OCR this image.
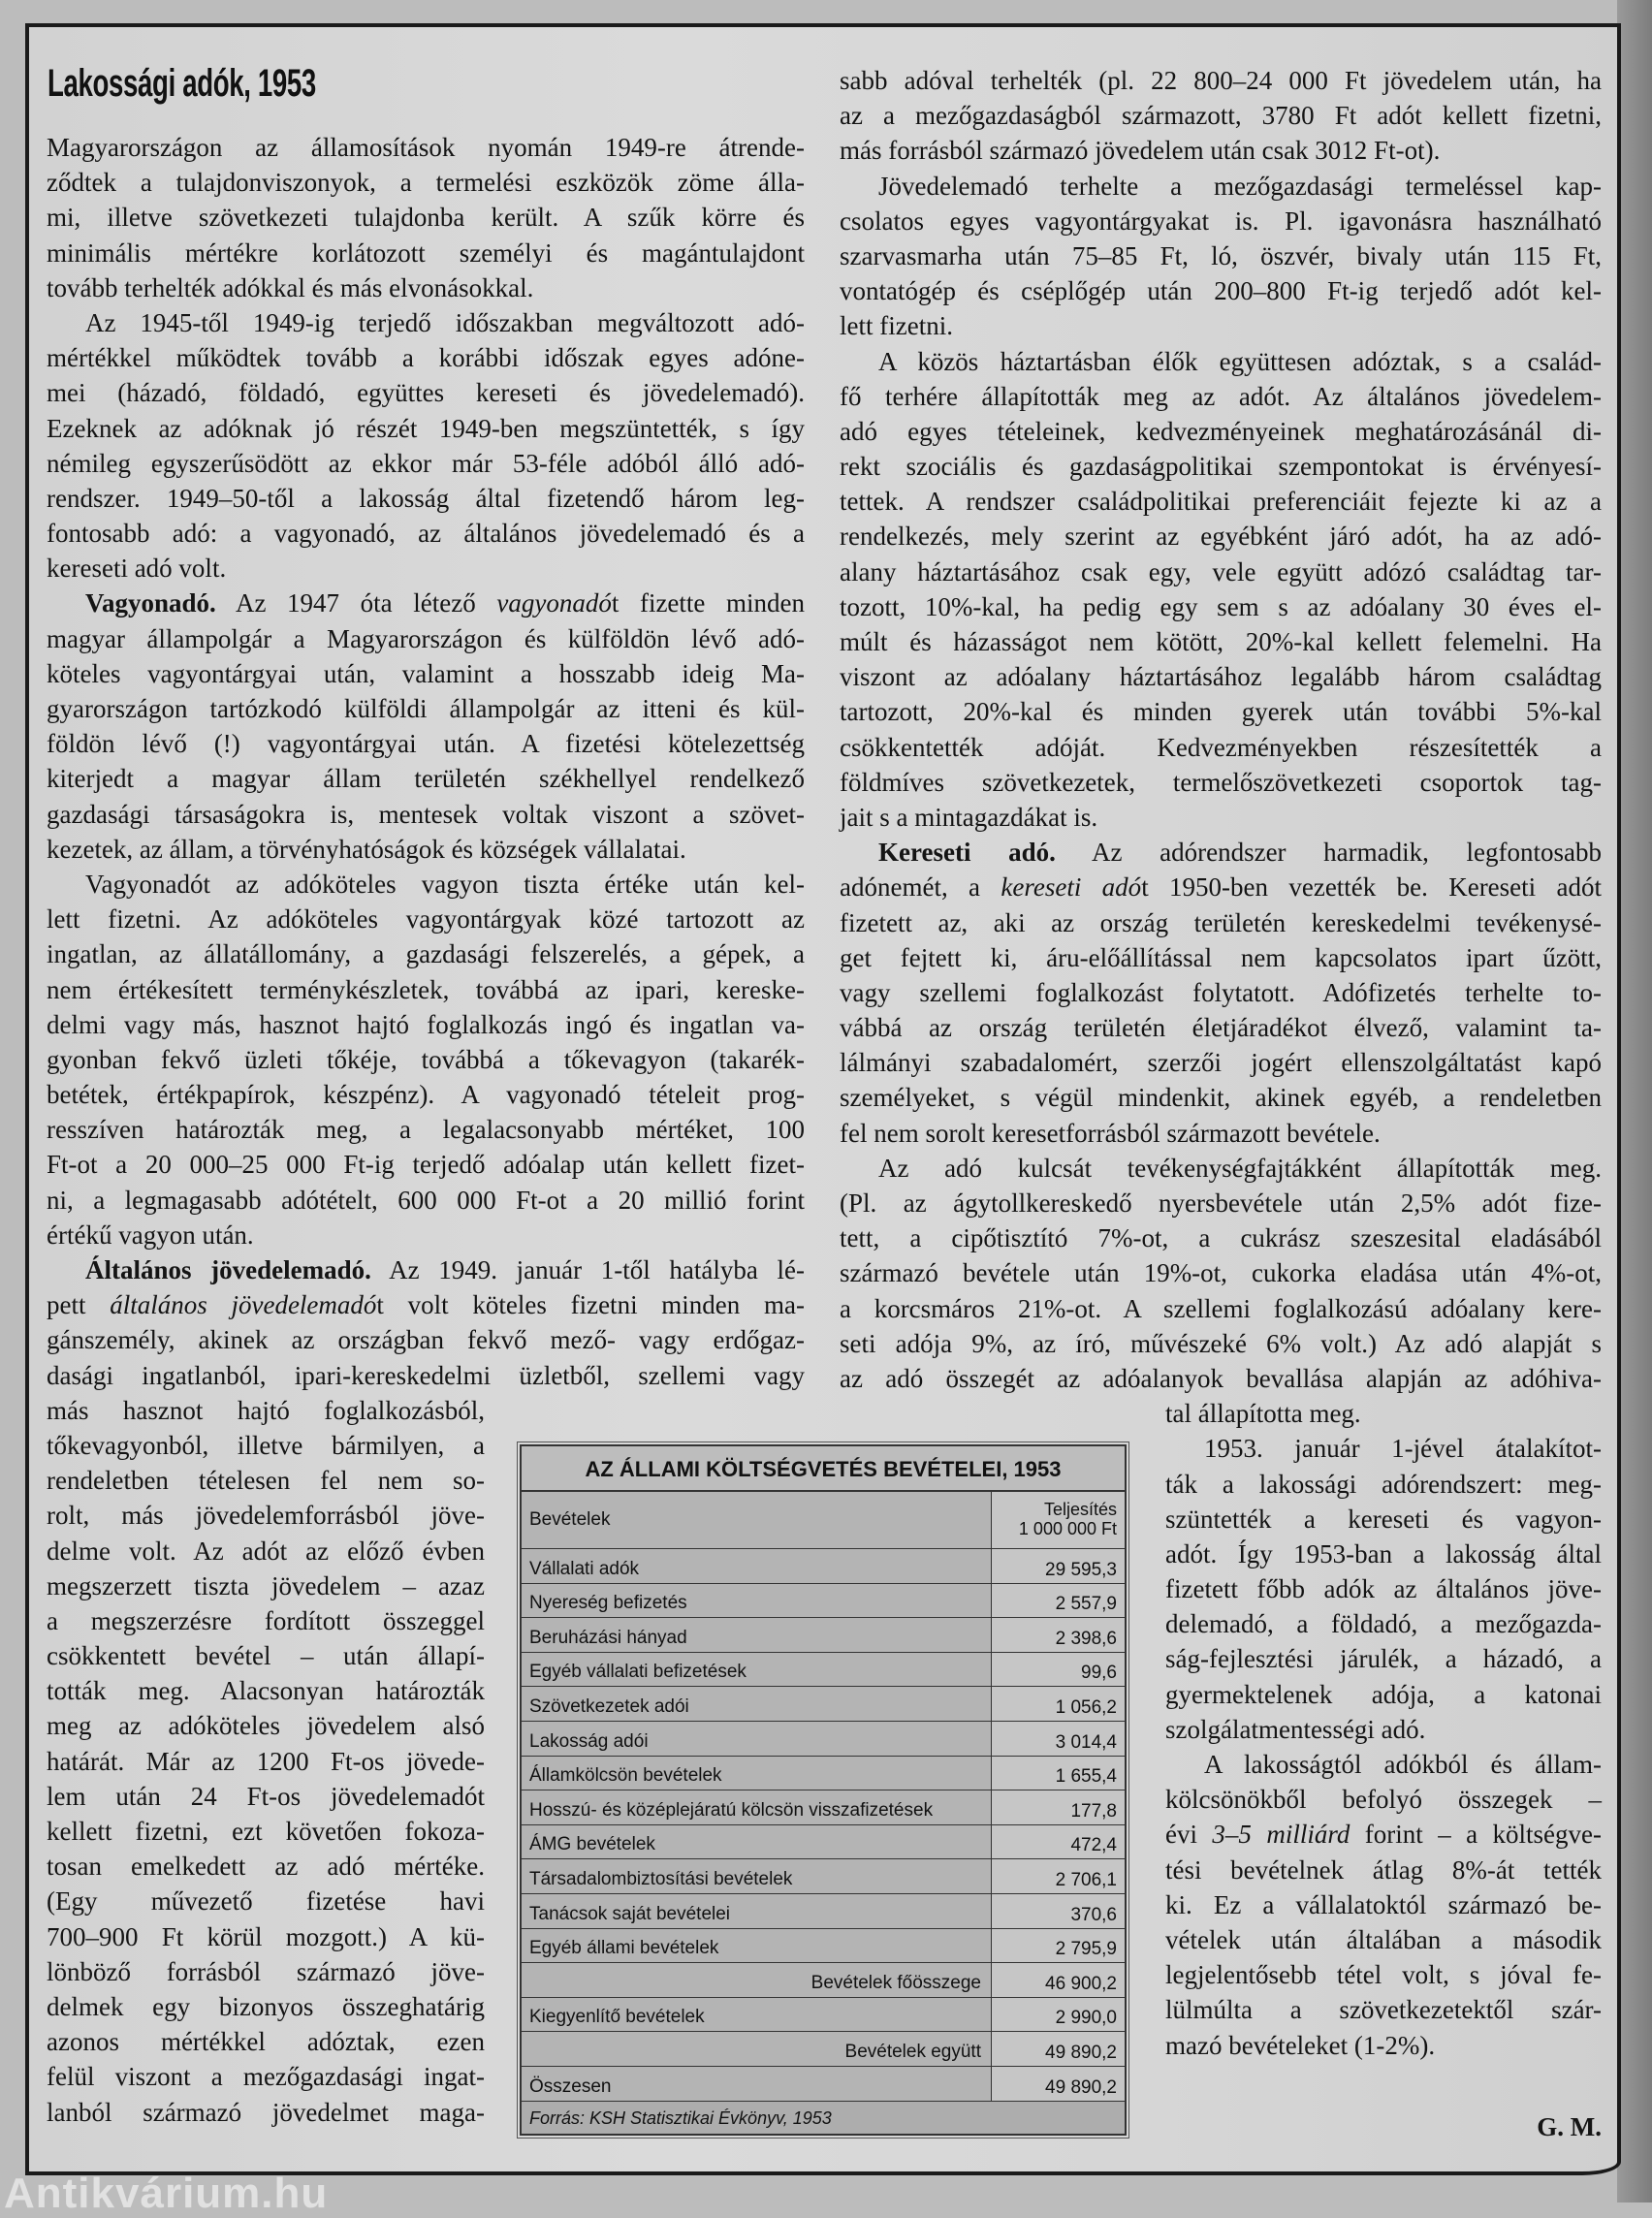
Lakossági adók, 1953
Magyarországon az államosítások nyomán 1949-re átrende-
ződtek a tulajdonviszonyok, a termelési eszközök zöme álla-
mi, illetve szövetkezeti tulajdonba került. A szűk körre és
minimális mértékre korlátozott személyi és magántulajdont
tovább terhelték adókkal és más elvonásokkal.
Az 1945-től 1949-ig terjedő időszakban megváltozott adó-
mértékkel működtek tovább a korábbi időszak egyes adóne-
mei (házadó, földadó, együttes kereseti és jövedelemadó).
Ezeknek az adóknak jó részét 1949-ben megszüntették, s így
némileg egyszerűsödött az ekkor már 53-féle adóból álló adó-
rendszer. 1949–50-től a lakosság által fizetendő három leg-
fontosabb adó: a vagyonadó, az általános jövedelemadó és a
kereseti adó volt.
Vagyonadó. Az 1947 óta létező vagyonadót fizette minden
magyar állampolgár a Magyarországon és külföldön lévő adó-
köteles vagyontárgyai után, valamint a hosszabb ideig Ma-
gyarországon tartózkodó külföldi állampolgár az itteni és kül-
földön lévő (!) vagyontárgyai után. A fizetési kötelezettség
kiterjedt a magyar állam területén székhellyel rendelkező
gazdasági társaságokra is, mentesek voltak viszont a szövet-
kezetek, az állam, a törvényhatóságok és községek vállalatai.
Vagyonadót az adóköteles vagyon tiszta értéke után kel-
lett fizetni. Az adóköteles vagyontárgyak közé tartozott az
ingatlan, az állatállomány, a gazdasági felszerelés, a gépek, a
nem értékesített terménykészletek, továbbá az ipari, kereske-
delmi vagy más, hasznot hajtó foglalkozás ingó és ingatlan va-
gyonban fekvő üzleti tőkéje, továbbá a tőkevagyon (takarék-
betétek, értékpapírok, készpénz). A vagyonadó tételeit prog-
resszíven határozták meg, a legalacsonyabb mértéket, 100
Ft-ot a 20 000–25 000 Ft-ig terjedő adóalap után kellett fizet-
ni, a legmagasabb adótételt, 600 000 Ft-ot a 20 millió forint
értékű vagyon után.
Általános jövedelemadó. Az 1949. január 1-től hatályba lé-
pett általános jövedelemadót volt köteles fizetni minden ma-
gánszemély, akinek az országban fekvő mező- vagy erdőgaz-
dasági ingatlanból, ipari-kereskedelmi üzletből, szellemi vagy
más hasznot hajtó foglalkozásból,
tőkevagyonból, illetve bármilyen, a
rendeletben tételesen fel nem so-
rolt, más jövedelemforrásból jöve-
delme volt. Az adót az előző évben
megszerzett tiszta jövedelem – azaz
a megszerzésre fordított összeggel
csökkentett bevétel – után állapí-
tották meg. Alacsonyan határozták
meg az adóköteles jövedelem alsó
határát. Már az 1200 Ft-os jövede-
lem után 24 Ft-os jövedelemadót
kellett fizetni, ezt követően fokoza-
tosan emelkedett az adó mértéke.
(Egy művezető fizetése havi
700–900 Ft körül mozgott.) A kü-
lönböző forrásból származó jöve-
delmek egy bizonyos összeghatárig
azonos mértékkel adóztak, ezen
felül viszont a mezőgazdasági ingat-
lanból származó jövedelmet maga-
sabb adóval terhelték (pl. 22 800–24 000 Ft jövedelem után, ha
az a mezőgazdaságból származott, 3780 Ft adót kellett fizetni,
más forrásból származó jövedelem után csak 3012 Ft-ot).
Jövedelemadó terhelte a mezőgazdasági termeléssel kap-
csolatos egyes vagyontárgyakat is. Pl. igavonásra használható
szarvasmarha után 75–85 Ft, ló, öszvér, bivaly után 115 Ft,
vontatógép és cséplőgép után 200–800 Ft-ig terjedő adót kel-
lett fizetni.
A közös háztartásban élők együttesen adóztak, s a család-
fő terhére állapították meg az adót. Az általános jövedelem-
adó egyes tételeinek, kedvezményeinek meghatározásánál di-
rekt szociális és gazdaságpolitikai szempontokat is érvényesí-
tettek. A rendszer családpolitikai preferenciáit fejezte ki az a
rendelkezés, mely szerint az egyébként járó adót, ha az adó-
alany háztartásához csak egy, vele együtt adózó családtag tar-
tozott, 10%-kal, ha pedig egy sem s az adóalany 30 éves el-
múlt és házasságot nem kötött, 20%-kal kellett felemelni. Ha
viszont az adóalany háztartásához legalább három családtag
tartozott, 20%-kal és minden gyerek után további 5%-kal
csökkentették adóját. Kedvezményekben részesítették a
földmíves szövetkezetek, termelőszövetkezeti csoportok tag-
jait s a mintagazdákat is.
Kereseti adó. Az adórendszer harmadik, legfontosabb
adónemét, a kereseti adót 1950-ben vezették be. Kereseti adót
fizetett az, aki az ország területén kereskedelmi tevékenysé-
get fejtett ki, áru-előállítással nem kapcsolatos ipart űzött,
vagy szellemi foglalkozást folytatott. Adófizetés terhelte to-
vábbá az ország területén életjáradékot élvező, valamint ta-
lálmányi szabadalomért, szerzői jogért ellenszolgáltatást kapó
személyeket, s végül mindenkit, akinek egyéb, a rendeletben
fel nem sorolt keresetforrásból származott bevétele.
Az adó kulcsát tevékenységfajtákként állapították meg.
(Pl. az ágytollkereskedő nyersbevétele után 2,5% adót fize-
tett, a cipőtisztító 7%-ot, a cukrász szeszesital eladásából
származó bevétele után 19%-ot, cukorka eladása után 4%-ot,
a korcsmáros 21%-ot. A szellemi foglalkozású adóalany kere-
seti adója 9%, az író, művészeké 6% volt.) Az adó alapját s
az adó összegét az adóalanyok bevallása alapján az adóhiva-
tal állapította meg.
1953. január 1-jével átalakítot-
ták a lakossági adórendszert: meg-
szüntették a kereseti és vagyon-
adót. Így 1953-ban a lakosság által
fizetett főbb adók az általános jöve-
delemadó, a földadó, a mezőgazda-
ság-fejlesztési járulék, a házadó, a
gyermektelenek adója, a katonai
szolgálatmentességi adó.
A lakosságtól adókból és állam-
kölcsönökből befolyó összegek –
évi 3–5 milliárd forint – a költségve-
tési bevételnek átlag 8%-át tették
ki. Ez a vállalatoktól származó be-
vételek után általában a második
legjelentősebb tétel volt, s jóval fe-
lülmúlta a szövetkezetektől szár-
mazó bevételeket (1-2%).
AZ ÁLLAMI KÖLTSÉGVETÉS BEVÉTELEI, 1953
Bevételek	Teljesítés
1 000 000 Ft
Vállalati adók	29 595,3
Nyereség befizetés	2 557,9
Beruházási hányad	2 398,6
Egyéb vállalati befizetések	99,6
Szövetkezetek adói	1 056,2
Lakosság adói	3 014,4
Államkölcsön bevételek	1 655,4
Hosszú- és középlejáratú kölcsön visszafizetések	177,8
ÁMG bevételek	472,4
Társadalombiztosítási bevételek	2 706,1
Tanácsok saját bevételei	370,6
Egyéb állami bevételek	2 795,9
Bevételek főösszege	46 900,2
Kiegyenlítő bevételek	2 990,0
Bevételek együtt	49 890,2
Összesen	49 890,2
Forrás: KSH Statisztikai Évkönyv, 1953	G. M.
Antikvárium.hu
